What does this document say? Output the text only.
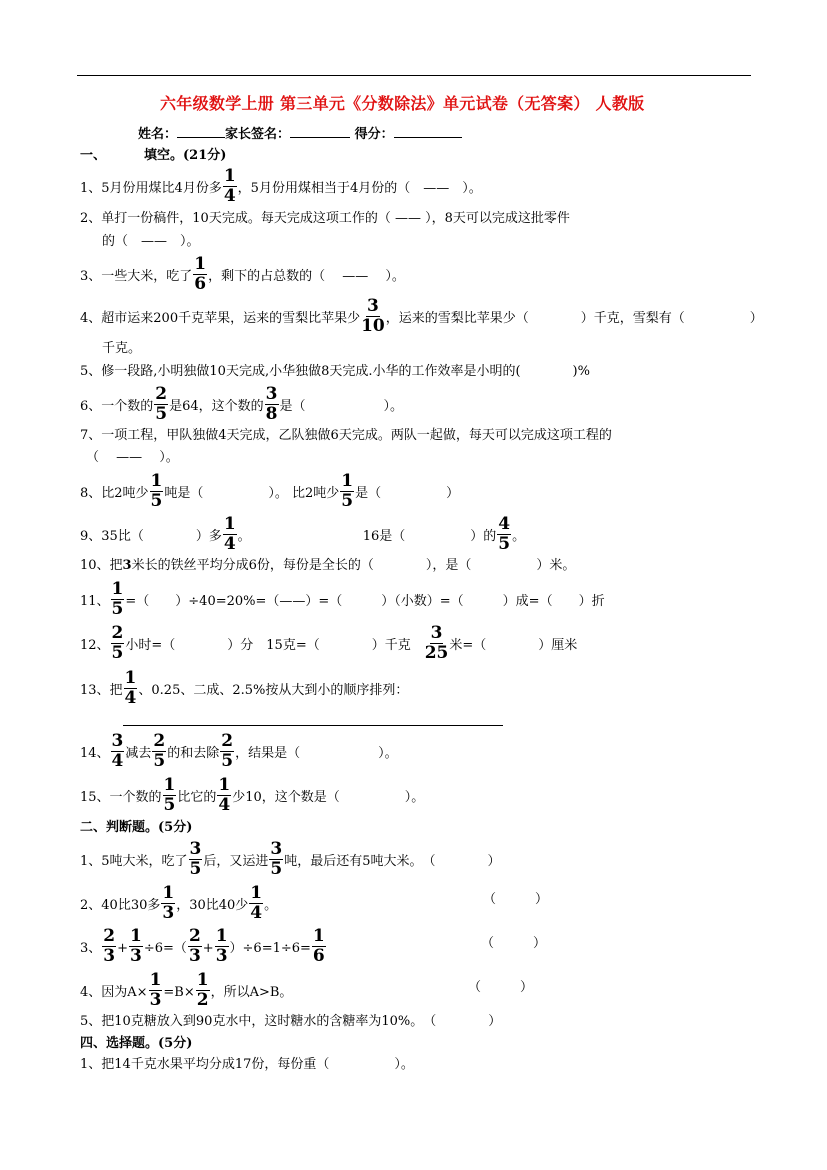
六年级数学上册 第三单元《分数除法》单元试卷（无答案） 人教版
姓名：	家长签名：	得分：
一、	填空。(21分)
1、5月份用煤比4月份多 $\frac{1}{4}$ ，5月份用煤相当于4月份的（　——　）。
2、单打一份稿件，10天完成。每天完成这项工作的（ —— ），8天可以完成这批零件
的（　——　）。
3、一些大米，吃了 $\frac{1}{6}$ ，剩下的占总数的（　 ——　 ）。
4、超市运来200千克苹果，运来的雪梨比苹果少 $\frac{3}{10}$ ，运来的雪梨比苹果少（　　　　）千克，雪梨有（　　　　　）
千克。
5、修一段路,小明独做10天完成,小华独做8天完成.小华的工作效率是小明的(　　　　)%
6、一个数的 $\frac{2}{5}$ 是64，这个数的 $\frac{3}{8}$ 是（　　　　　　）。
7、一项工程，甲队独做4天完成，乙队独做6天完成。两队一起做，每天可以完成这项工程的
（　 ——　 ）。
8、比2吨少 $\frac{1}{5}$ 吨是（　　　　　）。 比2吨少 $\frac{1}{5}$ 是（　　　　　）
9、35比（　　　　）多 $\frac{1}{4}$ 。	16是（　　　　　）的 $\frac{4}{5}$ 。
10、把3米长的铁丝平均分成6份，每份是全长的（　　　　），是（　　　　　）米。
11、 $\frac{1}{5}$ =（　　）÷40=20%=（——）=（　　　）（小数）=（　　　）成=（　　）折
12、 $\frac{2}{5}$ 小时=（　　　　）分　15克=（　　　　）千克 $\frac{3}{25}$ 米=（　　　　）厘米
13、把 $\frac{1}{4}$ 、0.25、二成、2.5%按从大到小的顺序排列：
14、 $\frac{3}{4}$ 减去 $\frac{2}{5}$ 的和去除 $\frac{2}{5}$ ，结果是（　　　　　　）。
15、一个数的 $\frac{1}{5}$ 比它的 $\frac{1}{4}$ 少10，这个数是（　　　　　）。
二、判断题。(5分)
1、5吨大米，吃了 $\frac{3}{5}$ 后，又运进 $\frac{3}{5}$ 吨，最后还有5吨大米。　（　　　　）
2、40比30多 $\frac{1}{3}$ ，30比40少 $\frac{1}{4}$ 。	（　　　）
3、 $\frac{2}{3} + \frac{1}{3} \div 6=( \frac{2}{3} + \frac{1}{3} )\div 6=1\div 6= \frac{1}{6}$	（　　　）
4、因为$A\times \frac{1}{3} =B\times \frac{1}{2}$ ，所以A>B。	（　　　）
5、把10克糖放入到90克水中，这时糖水的含糖率为10%。　（　　　　）
四、选择题。(5分)
1、把14千克水果平均分成17份，每份重（　　　　　）。
